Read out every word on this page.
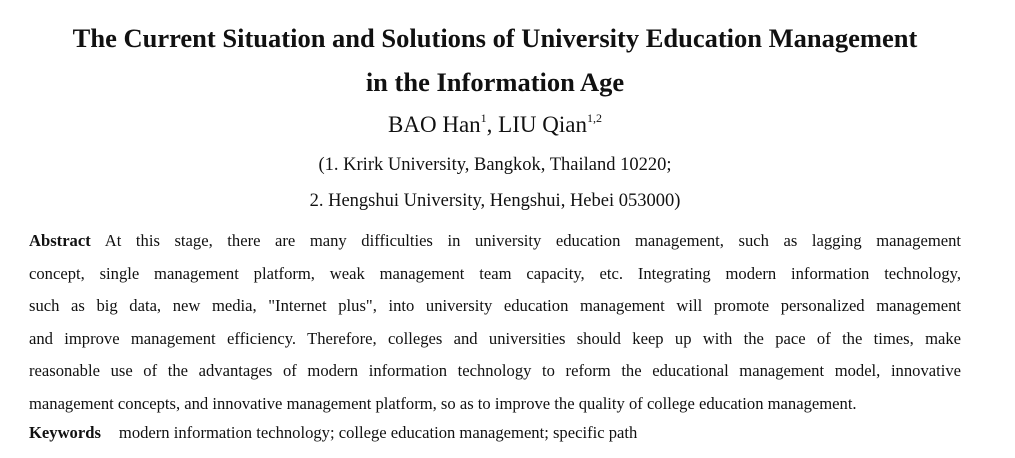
The Current Situation and Solutions of University Education Management
in the Information Age
BAO Han$^1$, LIU Qian$^{1,2}$
(1. Krirk University, Bangkok, Thailand 10220;
2. Hengshui University, Hengshui, Hebei 053000)
Abstract At this stage, there are many difficulties in university education management, such as lagging management
concept, single management platform, weak management team capacity, etc. Integrating modern information technology,
such as big data, new media, "Internet plus", into university education management will promote personalized management
and improve management efficiency. Therefore, colleges and universities should keep up with the pace of the times, make
reasonable use of the advantages of modern information technology to reform the educational management model, innovative
management concepts, and innovative management platform, so as to improve the quality of college education management.
Keywords modern information technology; college education management; specific path
